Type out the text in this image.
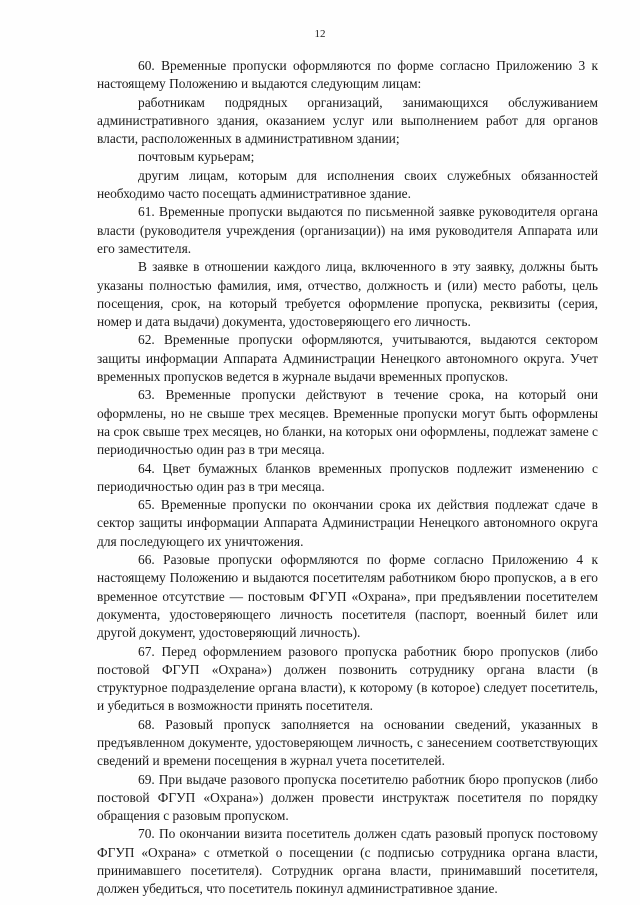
12

60. Временные пропуски оформляются по форме согласно Приложению 3 к настоящему Положению и выдаются следующим лицам:

работникам подрядных организаций, занимающихся обслуживанием административного здания, оказанием услуг или выполнением работ для органов власти, расположенных в административном здании;

почтовым курьерам;

другим лицам, которым для исполнения своих служебных обязанностей необходимо часто посещать административное здание.

61. Временные пропуски выдаются по письменной заявке руководителя органа власти (руководителя учреждения (организации)) на имя руководителя Аппарата или его заместителя.

В заявке в отношении каждого лица, включенного в эту заявку, должны быть указаны полностью фамилия, имя, отчество, должность и (или) место работы, цель посещения, срок, на который требуется оформление пропуска, реквизиты (серия, номер и дата выдачи) документа, удостоверяющего его личность.

62. Временные пропуски оформляются, учитываются, выдаются сектором защиты информации Аппарата Администрации Ненецкого автономного округа. Учет временных пропусков ведется в журнале выдачи временных пропусков.

63. Временные пропуски действуют в течение срока, на который они оформлены, но не свыше трех месяцев. Временные пропуски могут быть оформлены на срок свыше трех месяцев, но бланки, на которых они оформлены, подлежат замене с периодичностью один раз в три месяца.

64. Цвет бумажных бланков временных пропусков подлежит изменению с периодичностью один раз в три месяца.

65. Временные пропуски по окончании срока их действия подлежат сдаче в сектор защиты информации Аппарата Администрации Ненецкого автономного округа для последующего их уничтожения.

66. Разовые пропуски оформляются по форме согласно Приложению 4 к настоящему Положению и выдаются посетителям работником бюро пропусков, а в его временное отсутствие — постовым ФГУП «Охрана», при предъявлении посетителем документа, удостоверяющего личность посетителя (паспорт, военный билет или другой документ, удостоверяющий личность).

67. Перед оформлением разового пропуска работник бюро пропусков (либо постовой ФГУП «Охрана») должен позвонить сотруднику органа власти (в структурное подразделение органа власти), к которому (в которое) следует посетитель, и убедиться в возможности принять посетителя.

68. Разовый пропуск заполняется на основании сведений, указанных в предъявленном документе, удостоверяющем личность, с занесением соответствующих сведений и времени посещения в журнал учета посетителей.

69. При выдаче разового пропуска посетителю работник бюро пропусков (либо постовой ФГУП «Охрана») должен провести инструктаж посетителя по порядку обращения с разовым пропуском.

70. По окончании визита посетитель должен сдать разовый пропуск постовому ФГУП «Охрана» с отметкой о посещении (с подписью сотрудника органа власти, принимавшего посетителя). Сотрудник органа власти, принимавший посетителя, должен убедиться, что посетитель покинул административное здание.
